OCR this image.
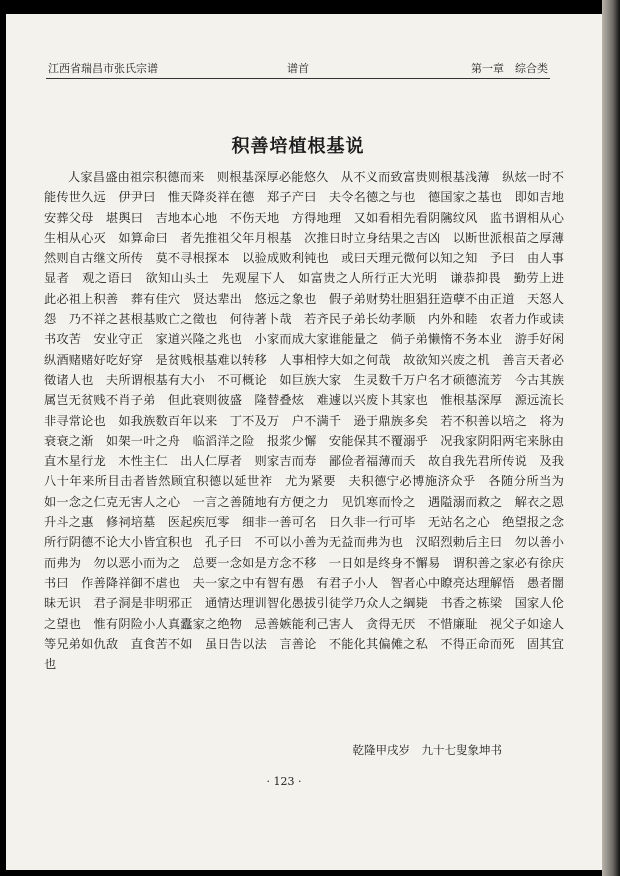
江西省瑞昌市张氏宗谱	谱首	第一章　综合类
积善培植根基说

人家昌盛由祖宗积德而来　则根基深厚必能悠久　从不义而致富贵则根基浅薄　纵炫一时不能传世久远　伊尹曰　惟天降炎祥在德　郑子产曰　夫令名德之与也　德国家之基也　即如吉地安葬父母　堪舆曰　吉地本心地　不伤天地　方得地理　又如看相先看阴隲纹风　监书谓相从心生相从心灭　如算命曰　者先推祖父年月根基　次推日时立身结果之吉凶　以断世派根苗之厚薄然则自古继文所传　莫不寻根探本　以验成败利钝也　或曰天理元微何以知之知　予曰　由人事显者　观之语曰　欲知山头土　先观屋下人　如富贵之人所行正大光明　谦恭抑畏　勤劳上进　此必祖上积善　葬有佳穴　贤达辈出　悠远之象也　假子弟财势壮胆猖狂造孽不由正道　天怒人怨　乃不祥之甚根基败亡之徵也　何待著卜哉　若齐民子弟长幼孝顺　内外和睦　农者力作或读书攻苦　安业守正　家道兴隆之兆也　小家而成大家谁能量之　倘子弟懒惰不务本业　游手好闲　纵酒赌赌好吃好穿　是贫贱根基难以转移　人事相悖大如之何哉　故欲知兴废之机　善言天者必徵诸人也　夫所谓根基有大小　不可概论　如巨族大家　生灵数千万户名才硕德流芳　今古其族属岂无贫贱不肖子弟　但此衰则彼盛　隆替叠炫　难遽以兴废卜其家也　惟根基深厚　源远流长　非寻常论也　如我族数百年以来　丁不及万　户不满千　逊于鼎族多矣　若不积善以培之　将为衰衰之渐　如架一叶之舟　临滔洋之险　报浆少懈　安能保其不覆溺乎　况我家阴阳两宅来脉由直木星行龙　木性主仁　出人仁厚者　则家吉而寿　鄙俭者福薄而夭　故自我先君所传说　及我八十年来所目击者皆然顾宜积德以延世祚　尤为紧要　夫积德宁必博施济众乎　各随分所当为　如一念之仁克无害人之心　一言之善随地有方便之力　见饥寒而怜之　遇隘溺而救之　解衣之恩升斗之惠　修祠培墓　医起疾厄零　细非一善可名　日久非一行可毕　无站名之心　绝望报之念　所行阴德不论大小皆宜积也　孔子曰　不可以小善为无益而弗为也　汉昭烈勅后主曰　勿以善小而弗为　勿以恶小而为之　总要一念如是方念不移　一日如是终身不懈易　谓积善之家必有徐庆　书曰　作善降祥御不虐也　夫一家之中有智有愚　有君子小人　智者心中瞭亮达理解悟　愚者闇昧无识　君子洞是非明邪正　通情达理训智化愚拔引徒学乃众人之綱毙　书香之栋梁　国家人伦之望也　惟有阴险小人真蠹家之绝物　忌善嫉能利己害人　贪得无厌　不惜廉耻　视父子如途人　等兄弟如仇敌　直食苦不如　虽日告以法　言善论　不能化其偏傩之私　不得正命而死　固其宜也

乾隆甲戌岁　九十七叟象坤书
· 123 ·
